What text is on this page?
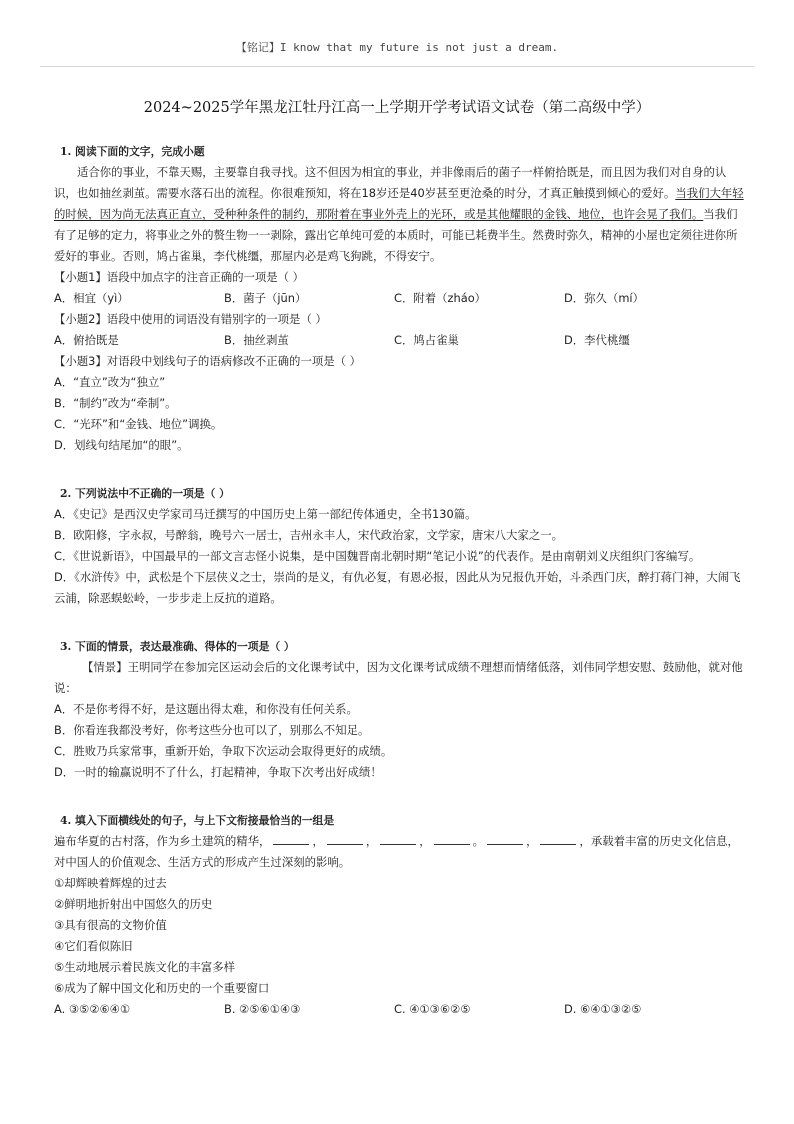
【铭记】I know that my future is not just a dream.
2024~2025学年黑龙江牡丹江高一上学期开学考试语文试卷（第二高级中学）
1. 阅读下面的文字，完成小题
适合你的事业，不靠天赐，主要靠自我寻找。这不但因为相宜的事业，并非像雨后的菌子一样俯拾既是，而且因为我们对自身的认识，也如抽丝剥茧。需要水落石出的流程。你很难预知，将在18岁还是40岁甚至更沧桑的时分，才真正触摸到倾心的爱好。当我们大年轻的时候，因为尚无法真正直立，受种种条件的制约，那附着在事业外壳上的光环，或是其他耀眼的金钱、地位，也许会晃了我们。当我们有了足够的定力，将事业之外的赘生物一一剥除，露出它单纯可爱的本质时，可能已耗费半生。然费时弥久，精神的小屋也定须往进你所爱好的事业。否则，鸠占雀巢，李代桃缰，那屋内必是鸡飞狗跳，不得安宁。
【小题1】语段中加点字的注音正确的一项是（ ）
A．相宜（yì）	B．菌子（jūn）	C．附着（zháo）	D．弥久（mí）
【小题2】语段中使用的词语没有错别字的一项是（ ）
A．俯拾既是	B．抽丝剥茧	C．鸠占雀巢	D．李代桃缰
【小题3】对语段中划线句子的语病修改不正确的一项是（ ）
A．“直立”改为“独立”
B．“制约”改为“牵制”。
C．“光环”和“金钱、地位”调换。
D．划线句结尾加“的眼”。
2. 下列说法中不正确的一项是（ ）
A．《史记》是西汉史学家司马迁撰写的中国历史上第一部纪传体通史，全书130篇。
B．欧阳修，字永叔，号醉翁，晚号六一居士，吉州永丰人，宋代政治家，文学家，唐宋八大家之一。
C．《世说新语》，中国最早的一部文言志怪小说集，是中国魏晋南北朝时期“笔记小说”的代表作。是由南朝刘义庆组织门客编写。
D．《水浒传》中，武松是个下层侠义之士，崇尚的是义，有仇必复，有恩必报，因此从为兄报仇开始，斗杀西门庆，醉打蒋门神，大闹飞云浦，除恶蜈蚣岭，一步步走上反抗的道路。
3. 下面的情景，表达最准确、得体的一项是（ ）
【情景】王明同学在参加完区运动会后的文化课考试中，因为文化课考试成绩不理想而情绪低落，刘伟同学想安慰、鼓励他，就对他说：
A．不是你考得不好，是这题出得太难，和你没有任何关系。
B．你看连我都没考好，你考这些分也可以了，别那么不知足。
C．胜败乃兵家常事，重新开始，争取下次运动会取得更好的成绩。
D．一时的输赢说明不了什么，打起精神，争取下次考出好成绩！
4. 填入下面横线处的句子，与上下文衔接最恰当的一组是
遍布华夏的古村落，作为乡土建筑的精华，	，	，	，	。	，	，承载着丰富的历史文化信息，对中国人的价值观念、生活方式的形成产生过深刻的影响。
①却辉映着辉煌的过去
②鲜明地折射出中国悠久的历史
③具有很高的文物价值
④它们看似陈旧
⑤生动地展示着民族文化的丰富多样
⑥成为了解中国文化和历史的一个重要窗口
A. ③⑤②⑥④①	B. ②⑤⑥①④③	C. ④①③⑥②⑤	D. ⑥④①③②⑤
